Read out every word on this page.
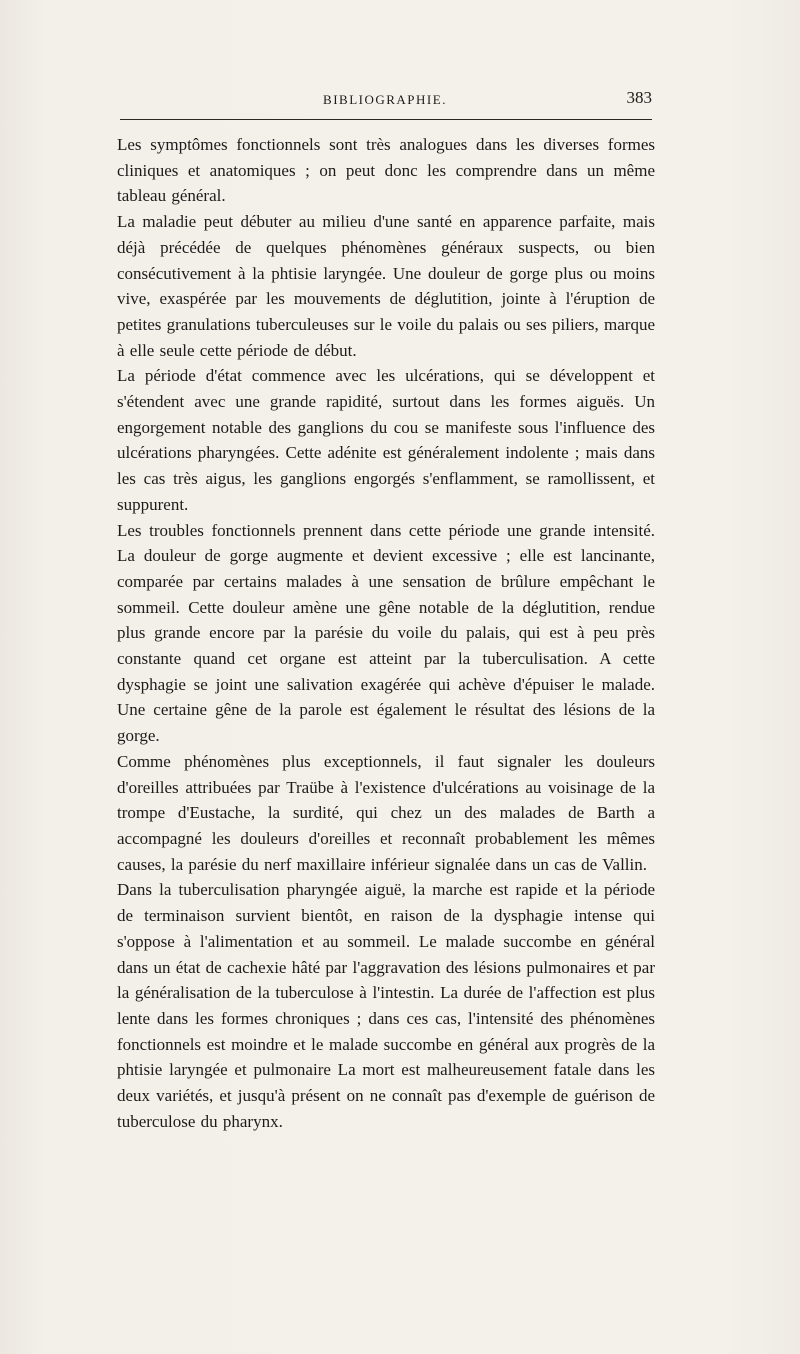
BIBLIOGRAPHIE.	383

Les symptômes fonctionnels sont très analogues dans les diverses formes cliniques et anatomiques ; on peut donc les comprendre dans un même tableau général.

La maladie peut débuter au milieu d'une santé en apparence parfaite, mais déjà précédée de quelques phénomènes généraux suspects, ou bien consécutivement à la phtisie laryngée. Une douleur de gorge plus ou moins vive, exaspérée par les mouvements de déglutition, jointe à l'éruption de petites granulations tuberculeuses sur le voile du palais ou ses piliers, marque à elle seule cette période de début.

La période d'état commence avec les ulcérations, qui se développent et s'étendent avec une grande rapidité, surtout dans les formes aiguës. Un engorgement notable des ganglions du cou se manifeste sous l'influence des ulcérations pharyngées. Cette adénite est généralement indolente ; mais dans les cas très aigus, les ganglions engorgés s'enflamment, se ramollissent, et suppurent.

Les troubles fonctionnels prennent dans cette période une grande intensité. La douleur de gorge augmente et devient excessive ; elle est lancinante, comparée par certains malades à une sensation de brûlure empêchant le sommeil. Cette douleur amène une gêne notable de la déglutition, rendue plus grande encore par la parésie du voile du palais, qui est à peu près constante quand cet organe est atteint par la tuberculisation. A cette dysphagie se joint une salivation exagérée qui achève d'épuiser le malade. Une certaine gêne de la parole est également le résultat des lésions de la gorge.

Comme phénomènes plus exceptionnels, il faut signaler les douleurs d'oreilles attribuées par Traübe à l'existence d'ulcérations au voisinage de la trompe d'Eustache, la surdité, qui chez un des malades de Barth a accompagné les douleurs d'oreilles et reconnaît probablement les mêmes causes, la parésie du nerf maxillaire inférieur signalée dans un cas de Vallin.

Dans la tuberculisation pharyngée aiguë, la marche est rapide et la période de terminaison survient bientôt, en raison de la dysphagie intense qui s'oppose à l'alimentation et au sommeil. Le malade succombe en général dans un état de cachexie hâté par l'aggravation des lésions pulmonaires et par la généralisation de la tuberculose à l'intestin. La durée de l'affection est plus lente dans les formes chroniques ; dans ces cas, l'intensité des phénomènes fonctionnels est moindre et le malade succombe en général aux progrès de la phtisie laryngée et pulmonaire La mort est malheureusement fatale dans les deux variétés, et jusqu'à présent on ne connaît pas d'exemple de guérison de tuberculose du pharynx.
